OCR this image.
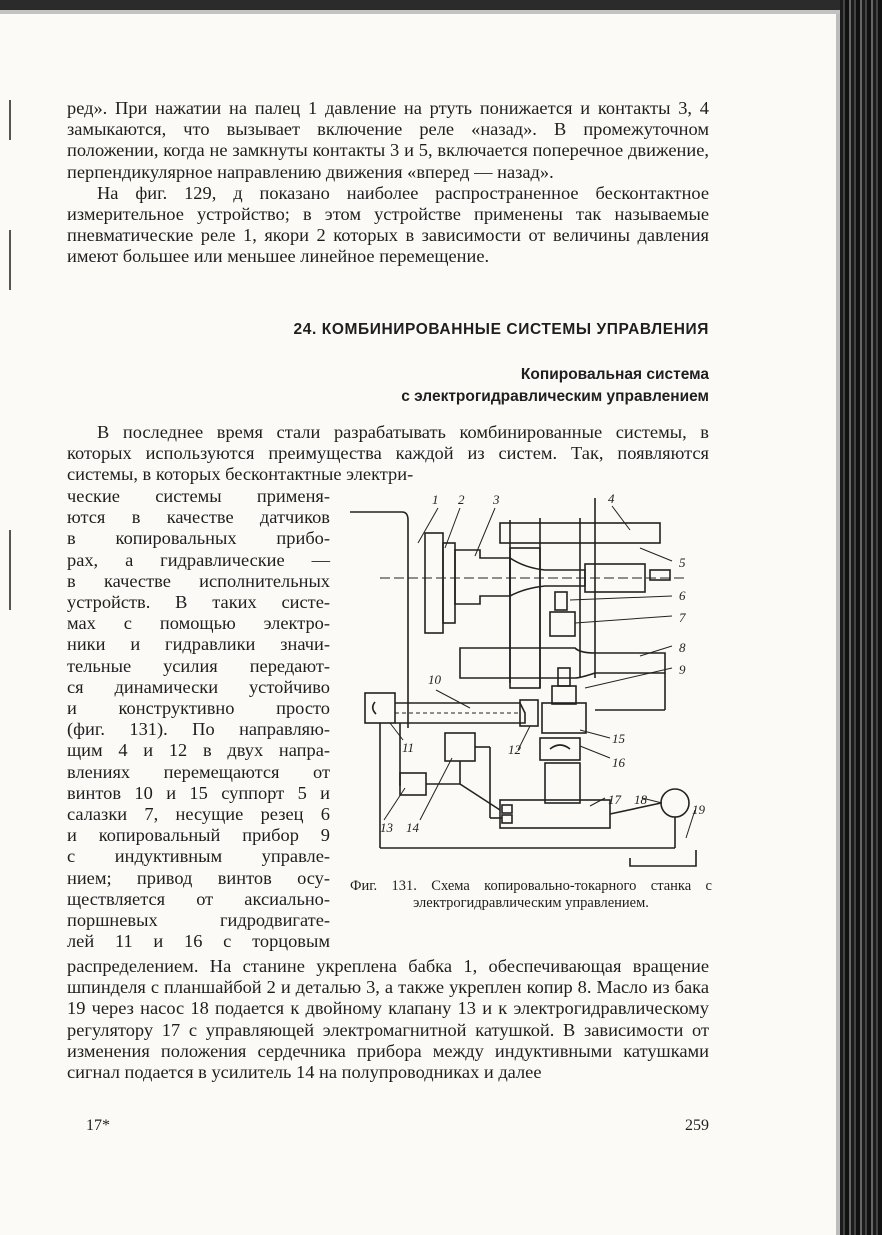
ред». При нажатии на палец 1 давление на ртуть понижается и контакты 3, 4 замыкаются, что вызывает включение реле «назад». В промежуточном положении, когда не замкнуты контакты 3 и 5, включается поперечное движение, перпендикулярное направлению движения «вперед — назад».

На фиг. 129, д показано наиболее распространенное бесконтактное измерительное устройство; в этом устройстве применены так называемые пневматические реле 1, якори 2 которых в зависимости от величины давления имеют большее или меньшее линейное перемещение.

24. КОМБИНИРОВАННЫЕ СИСТЕМЫ УПРАВЛЕНИЯ
Копировальная система
с электрогидравлическим управлением

В последнее время стали разрабатывать комбинированные системы, в которых используются преимущества каждой из систем. Так, появляются системы, в которых бесконтактные электри-

ческие системы применя-
ются в качестве датчиков
в копировальных прибо-
рах, а гидравлические —
в качестве исполнительных
устройств. В таких систе-
мах с помощью электро-
ники и гидравлики значи-
тельные усилия передают-
ся динамически устойчиво
и конструктивно просто
(фиг. 131). По направляю-
щим 4 и 12 в двух напра-
влениях перемещаются от
винтов 10 и 15 суппорт 5 и
салазки 7, несущие резец 6
и копировальный прибор 9
с индуктивным управле-
нием; привод винтов осу-
ществляется от аксиально-
поршневых гидродвигате-
лей 11 и 16 с торцовым
1 2 3	4
5
6
7
8
9
10
11	12
13 14
15
16
17 18
19
Фиг. 131. Схема копировально-токарного станка с электрогидравлическим управлением.

распределением. На станине укреплена бабка 1, обеспечивающая вращение шпинделя с планшайбой 2 и деталью 3, а также укреплен копир 8. Масло из бака 19 через насос 18 подается к двойному клапану 13 и к электрогидравлическому регулятору 17 с управляющей электромагнитной катушкой. В зависимости от изменения положения сердечника прибора между индуктивными катушками сигнал подается в усилитель 14 на полупроводниках и далее

17*	259
